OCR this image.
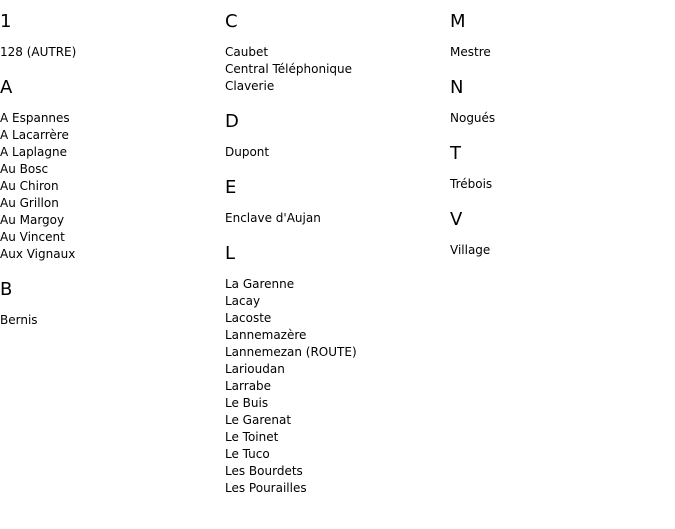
1
128 (AUTRE)
A
A Espannes
A Lacarrère
A Laplagne
Au Bosc
Au Chiron
Au Grillon
Au Margoy
Au Vincent
Aux Vignaux
B
Bernis
C
Caubet
Central Téléphonique
Claverie
D
Dupont
E
Enclave d'Aujan
L
La Garenne
Lacay
Lacoste
Lannemazère
Lannemezan (ROUTE)
Larioudan
Larrabe
Le Buis
Le Garenat
Le Toinet
Le Tuco
Les Bourdets
Les Pourailles
M
Mestre
N
Nogués
T
Trébois
V
Village
